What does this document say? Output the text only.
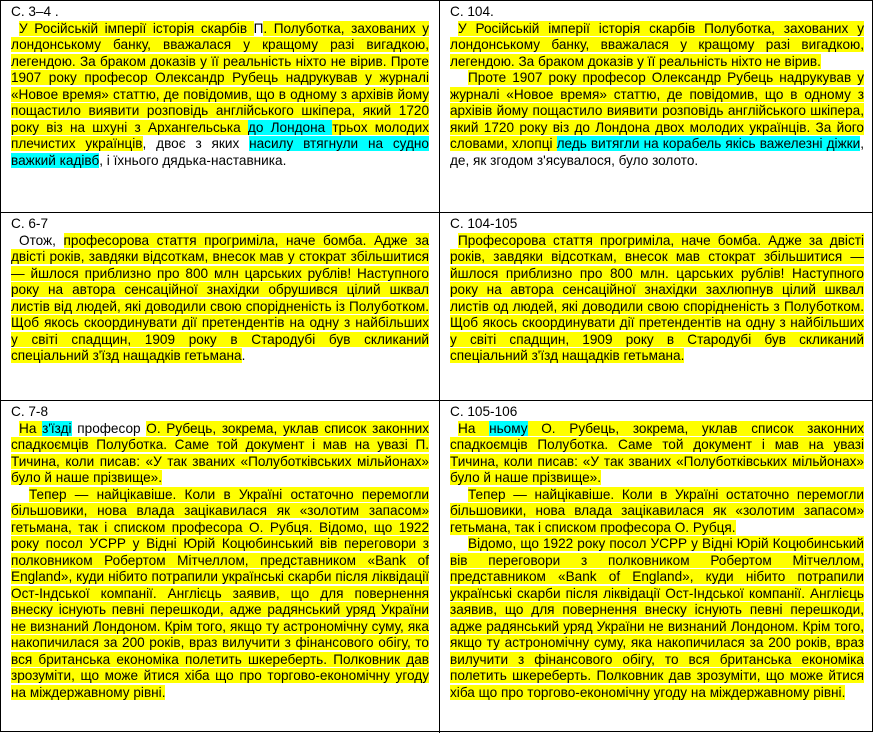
С. 3–4 .

У Російській імперії історія скарбів П. Полуботка, захованих у лондонському банку, вважалася у кращому разі вигадкою, легендою. За браком доказів у її реальність ніхто не вірив. Проте 1907 року професор Олександр Рубець надрукував у журналі «Новое время» статтю, де повідомив, що в одному з архівів йому пощастило виявити розповідь англійського шкіпера, який 1720 року віз на шхуні з Архангельська до Лондона трьох молодих плечистих українців, двоє з яких насилу втягнули на судно важкий кадівб, і їхнього дядька-наставника.

С. 104.

У Російській імперії історія скарбів Полуботка, захованих у лондонському банку, вважалася у кращому разі вигадкою, легендою. За браком доказів у її реальність ніхто не вірив.

Проте 1907 року професор Олександр Рубець надрукував у журналі «Новое время» статтю, де повідомив, що в одному з архівів йому пощастило виявити розповідь англійського шкіпера, який 1720 року віз до Лондона двох молодих українців. За його словами, хлопці ледь витягли на корабель якісь важелезні діжки, де, як згодом з'ясувалося, було золото.

С. 6-7

Отож, професорова стаття прогриміла, наче бомба. Адже за двісті років, завдяки відсоткам, внесок мав у стократ збільшитися — йшлося приблизно про 800 млн царських рублів! Наступного року на автора сенсаційної знахідки обрушився цілий шквал листів від людей, які доводили свою спорідненість із Полуботком. Щоб якось скоординувати дії претендентів на одну з найбільших у світі спадщин, 1909 року в Стародубі був скликаний спеціальний з'їзд нащадків гетьмана.

С. 104-105

Професорова стаття прогриміла, наче бомба. Адже за двісті років, завдяки відсоткам, внесок мав стократ збільшитися — йшлося приблизно про 800 млн. царських рублів! Наступного року на автора сенсаційної знахідки захлюпнув цілий шквал листів од людей, які доводили свою спорідненість з Полуботком. Щоб якось скоординувати дії претендентів на одну з найбільших у світі спадщин, 1909 року в Стародубі був скликаний спеціальний з'їзд нащадків гетьмана.

С. 7-8

На з'їзді професор О. Рубець, зокрема, уклав список законних спадкоємців Полуботка. Саме той документ і мав на увазі П. Тичина, коли писав: «У так званих «Полуботківських мільйонах» було й наше прізвище».

Тепер — найцікавіше. Коли в Україні остаточно перемогли більшовики, нова влада зацікавилася як «золотим запасом» гетьмана, так і списком професора О. Рубця. Відомо, що 1922 року посол УСРР у Відні Юрій Коцюбинський вів переговори з полковником Робертом Мітчеллом, представником «Bank of England», куди нібито потрапили українські скарби після ліквідації Ост-Індської компанії. Англієць заявив, що для повернення внеску існують певні перешкоди, адже радянський уряд України не визнаний Лондоном. Крім того, якщо ту астрономічну суму, яка накопичилася за 200 років, враз вилучити з фінансового обігу, то вся британська економіка полетить шкереберть. Полковник дав зрозуміти, що може йтися хіба що про торгово-економічну угоду на міждержавному рівні.

С. 105-106

На ньому О. Рубець, зокрема, уклав список законних спадкоємців Полуботка. Саме той документ і мав на увазі Тичина, коли писав: «У так званих «Полуботківських мільйонах» було й наше прізвище».

Тепер — найцікавіше. Коли в Україні остаточно перемогли більшовики, нова влада зацікавилася як «золотим запасом» гетьмана, так і списком професора О. Рубця.

Відомо, що 1922 року посол УСРР у Відні Юрій Коцюбинський вів переговори з полковником Робертом Мітчеллом, представником «Bank of England», куди нібито потрапили українські скарби після ліквідації Ост-Індської компанії. Англієць заявив, що для повернення внеску існують певні перешкоди, адже радянський уряд України не визнаний Лондоном. Крім того, якщо ту астрономічну суму, яка накопичилася за 200 років, враз вилучити з фінансового обігу, то вся британська економіка полетить шкереберть. Полковник дав зрозуміти, що може йтися хіба що про торгово-економічну угоду на міждержавному рівні.
